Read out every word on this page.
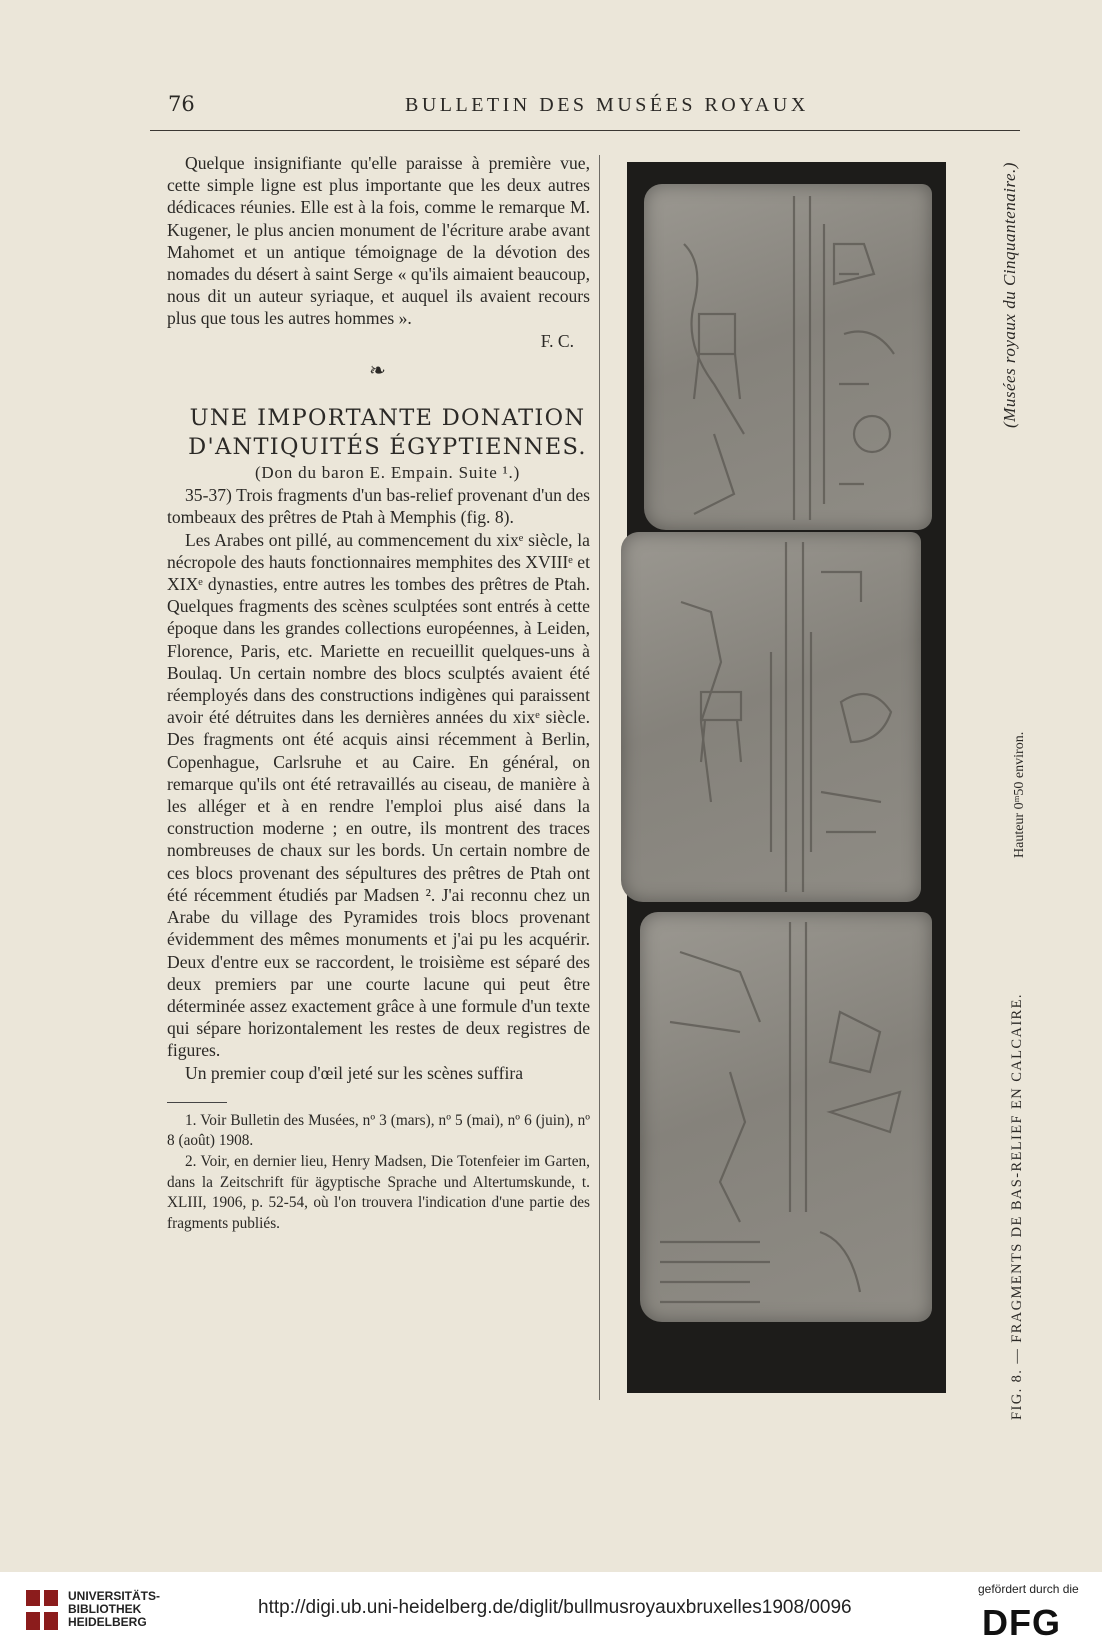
76	BULLETIN DES MUSÉES ROYAUX

Quelque insignifiante qu'elle paraisse à première vue, cette simple ligne est plus importante que les deux autres dédicaces réunies. Elle est à la fois, comme le remarque M. Kugener, le plus ancien monument de l'écriture arabe avant Mahomet et un antique témoignage de la dévotion des nomades du désert à saint Serge « qu'ils aimaient beaucoup, nous dit un auteur syriaque, et auquel ils avaient recours plus que tous les autres hommes ».

F. C.

❧

UNE IMPORTANTE DONATION

D'ANTIQUITÉS ÉGYPTIENNES.

(Don du baron E. Empain. Suite ¹.)

35-37) Trois fragments d'un bas-relief provenant d'un des tombeaux des prêtres de Ptah à Memphis (fig. 8).

Les Arabes ont pillé, au commencement du xixᵉ siècle, la nécropole des hauts fonctionnaires memphites des XVIIIᵉ et XIXᵉ dynasties, entre autres les tombes des prêtres de Ptah. Quelques fragments des scènes sculptées sont entrés à cette époque dans les grandes collections européennes, à Leiden, Florence, Paris, etc. Mariette en recueillit quelques-uns à Boulaq. Un certain nombre des blocs sculptés avaient été réemployés dans des constructions indigènes qui paraissent avoir été détruites dans les dernières années du xixᵉ siècle. Des fragments ont été acquis ainsi récemment à Berlin, Copenhague, Carlsruhe et au Caire. En général, on remarque qu'ils ont été retravaillés au ciseau, de manière à les alléger et à en rendre l'emploi plus aisé dans la construction moderne ; en outre, ils montrent des traces nombreuses de chaux sur les bords. Un certain nombre de ces blocs provenant des sépultures des prêtres de Ptah ont été récemment étudiés par Madsen ². J'ai reconnu chez un Arabe du village des Pyramides trois blocs provenant évidemment des mêmes monuments et j'ai pu les acquérir. Deux d'entre eux se raccordent, le troisième est séparé des deux premiers par une courte lacune qui peut être déterminée assez exactement grâce à une formule d'un texte qui sépare horizontalement les restes de deux registres de figures.

Un premier coup d'œil jeté sur les scènes suffira

1. Voir Bulletin des Musées, nº 3 (mars), nº 5 (mai), nº 6 (juin), nº 8 (août) 1908.

2. Voir, en dernier lieu, Henry Madsen, Die Totenfeier im Garten, dans la Zeitschrift für ägyptische Sprache und Altertumskunde, t. XLIII, 1906, p. 52-54, où l'on trouvera l'indication d'une partie des fragments publiés.

(Musées royaux du Cinquantenaire.)
Hauteur 0ᵐ50 environ.
FIG. 8. — FRAGMENTS DE BAS-RELIEF EN CALCAIRE.
UNIVERSITÄTS-
BIBLIOTHEK
HEIDELBERG
http://digi.ub.uni-heidelberg.de/diglit/bullmusroyauxbruxelles1908/0096
gefördert durch die
DFG
